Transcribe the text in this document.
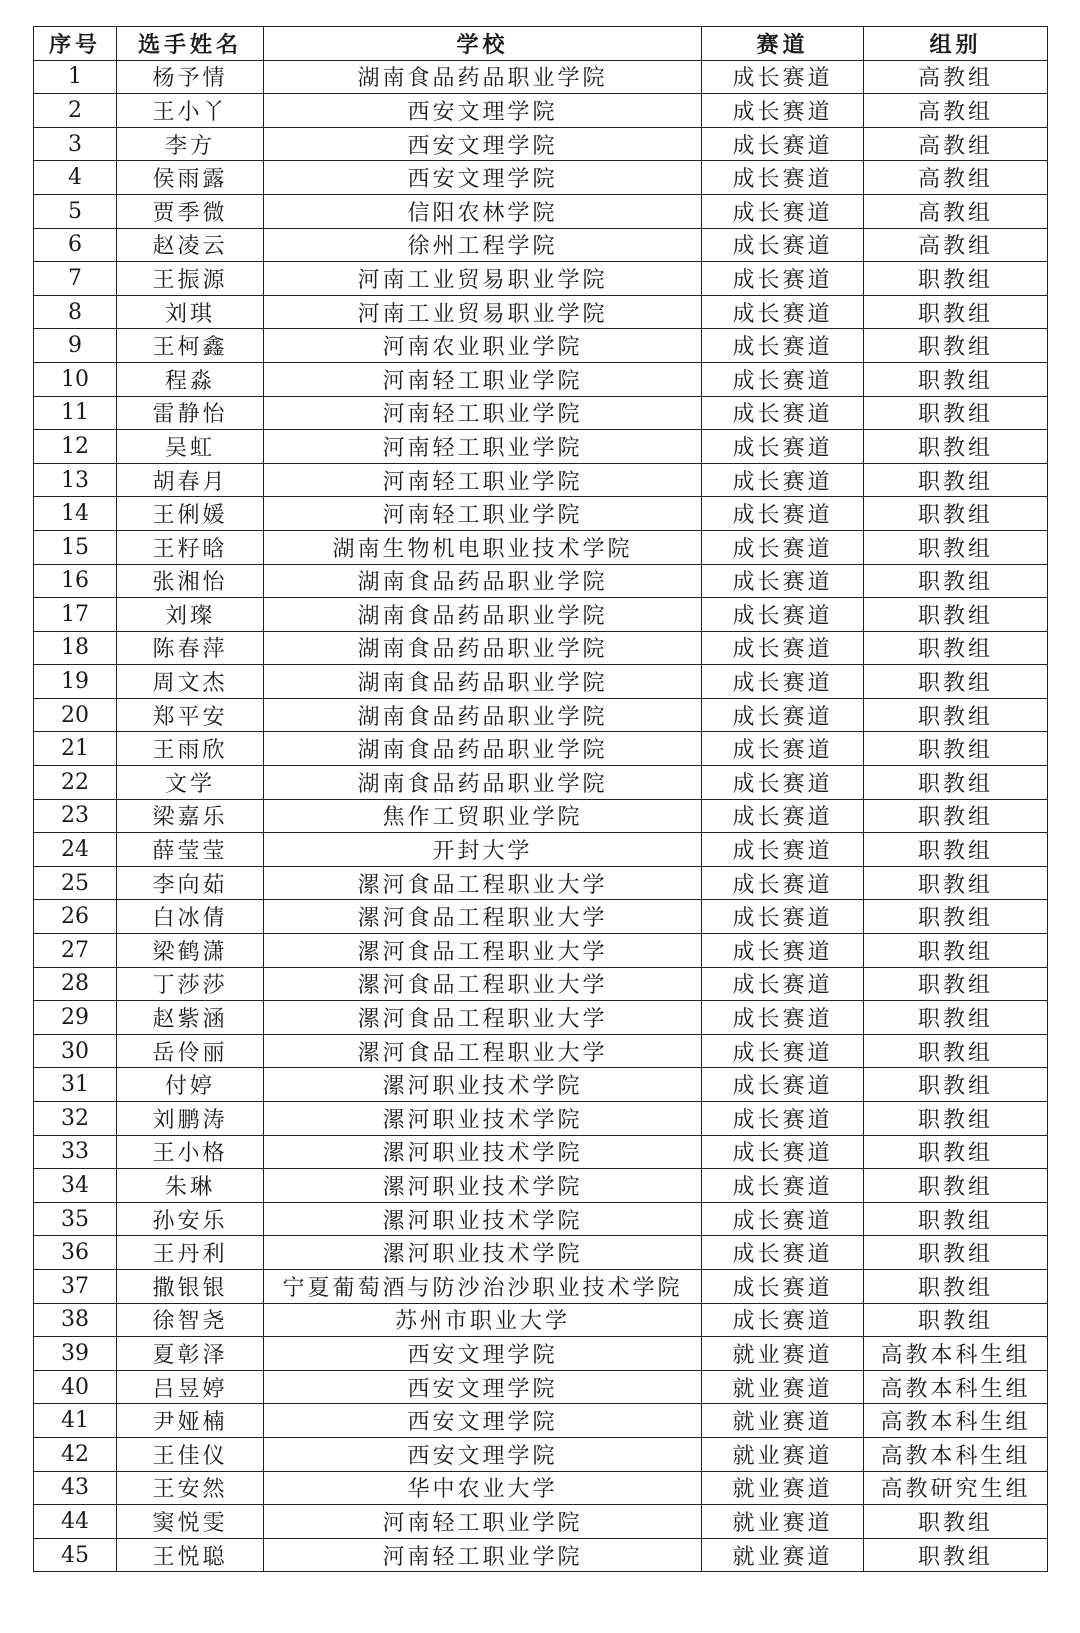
序号	选手姓名	学校	赛道	组别
1	杨予情	湖南食品药品职业学院	成长赛道	高教组
2	王小丫	西安文理学院	成长赛道	高教组
3	李方	西安文理学院	成长赛道	高教组
4	侯雨露	西安文理学院	成长赛道	高教组
5	贾季微	信阳农林学院	成长赛道	高教组
6	赵凌云	徐州工程学院	成长赛道	高教组
7	王振源	河南工业贸易职业学院	成长赛道	职教组
8	刘琪	河南工业贸易职业学院	成长赛道	职教组
9	王柯鑫	河南农业职业学院	成长赛道	职教组
10	程淼	河南轻工职业学院	成长赛道	职教组
11	雷静怡	河南轻工职业学院	成长赛道	职教组
12	吴虹	河南轻工职业学院	成长赛道	职教组
13	胡春月	河南轻工职业学院	成长赛道	职教组
14	王俐媛	河南轻工职业学院	成长赛道	职教组
15	王籽晗	湖南生物机电职业技术学院	成长赛道	职教组
16	张湘怡	湖南食品药品职业学院	成长赛道	职教组
17	刘璨	湖南食品药品职业学院	成长赛道	职教组
18	陈春萍	湖南食品药品职业学院	成长赛道	职教组
19	周文杰	湖南食品药品职业学院	成长赛道	职教组
20	郑平安	湖南食品药品职业学院	成长赛道	职教组
21	王雨欣	湖南食品药品职业学院	成长赛道	职教组
22	文学	湖南食品药品职业学院	成长赛道	职教组
23	梁嘉乐	焦作工贸职业学院	成长赛道	职教组
24	薛莹莹	开封大学	成长赛道	职教组
25	李向茹	漯河食品工程职业大学	成长赛道	职教组
26	白冰倩	漯河食品工程职业大学	成长赛道	职教组
27	梁鹤潇	漯河食品工程职业大学	成长赛道	职教组
28	丁莎莎	漯河食品工程职业大学	成长赛道	职教组
29	赵紫涵	漯河食品工程职业大学	成长赛道	职教组
30	岳伶丽	漯河食品工程职业大学	成长赛道	职教组
31	付婷	漯河职业技术学院	成长赛道	职教组
32	刘鹏涛	漯河职业技术学院	成长赛道	职教组
33	王小格	漯河职业技术学院	成长赛道	职教组
34	朱琳	漯河职业技术学院	成长赛道	职教组
35	孙安乐	漯河职业技术学院	成长赛道	职教组
36	王丹利	漯河职业技术学院	成长赛道	职教组
37	撒银银	宁夏葡萄酒与防沙治沙职业技术学院	成长赛道	职教组
38	徐智尧	苏州市职业大学	成长赛道	职教组
39	夏彰泽	西安文理学院	就业赛道	高教本科生组
40	吕昱婷	西安文理学院	就业赛道	高教本科生组
41	尹娅楠	西安文理学院	就业赛道	高教本科生组
42	王佳仪	西安文理学院	就业赛道	高教本科生组
43	王安然	华中农业大学	就业赛道	高教研究生组
44	窦悦雯	河南轻工职业学院	就业赛道	职教组
45	王悦聪	河南轻工职业学院	就业赛道	职教组
